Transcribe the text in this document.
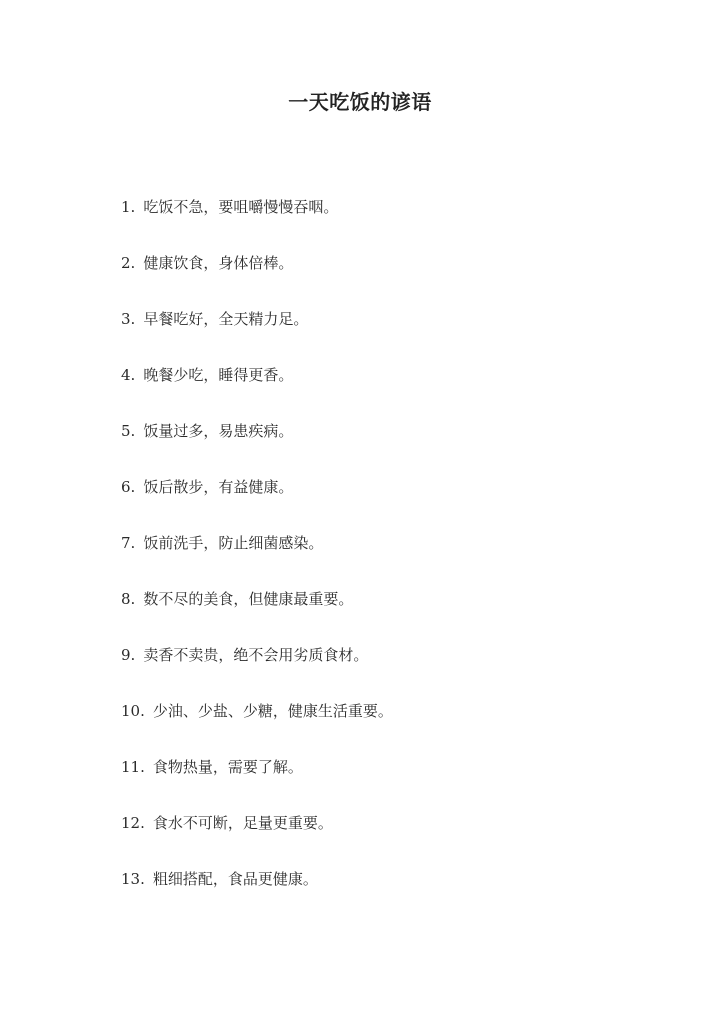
一天吃饭的谚语
1. 吃饭不急，要咀嚼慢慢吞咽。
2. 健康饮食，身体倍棒。
3. 早餐吃好，全天精力足。
4. 晚餐少吃，睡得更香。
5. 饭量过多，易患疾病。
6. 饭后散步，有益健康。
7. 饭前洗手，防止细菌感染。
8. 数不尽的美食，但健康最重要。
9. 卖香不卖贵，绝不会用劣质食材。
10. 少油、少盐、少糖，健康生活重要。
11. 食物热量，需要了解。
12. 食水不可断，足量更重要。
13. 粗细搭配，食品更健康。
